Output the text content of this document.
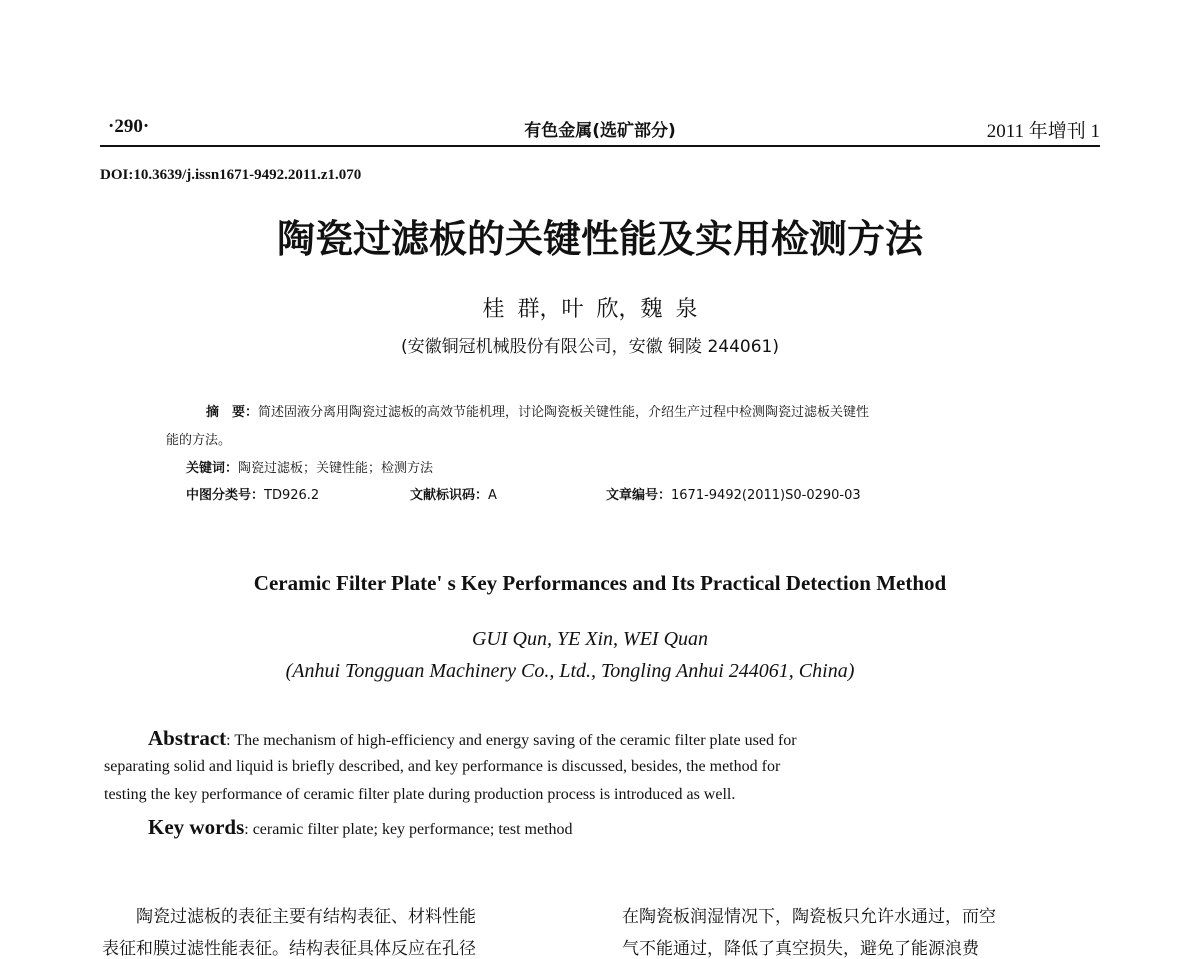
·290·	有色金属(选矿部分)	2011 年增刊 1
DOI:10.3639/j.issn1671-9492.2011.z1.070
陶瓷过滤板的关键性能及实用检测方法
桂 群，叶 欣，魏 泉
(安徽铜冠机械股份有限公司，安徽 铜陵 244061)
摘　要：简述固液分离用陶瓷过滤板的高效节能机理，讨论陶瓷板关键性能，介绍生产过程中检测陶瓷过滤板关键性
能的方法。
关键词：陶瓷过滤板；关键性能；检测方法
中图分类号：TD926.2	文献标识码：A	文章编号：1671-9492(2011)S0-0290-03
Ceramic Filter Plate' s Key Performances and Its Practical Detection Method
GUI Qun, YE Xin, WEI Quan
(Anhui Tongguan Machinery Co., Ltd., Tongling Anhui 244061, China)
Abstract: The mechanism of high-efficiency and energy saving of the ceramic filter plate used for
separating solid and liquid is briefly described, and key performance is discussed, besides, the method for
testing the key performance of ceramic filter plate during production process is introduced as well.
Key words: ceramic filter plate; key performance; test method
陶瓷过滤板的表征主要有结构表征、材料性能
表征和膜过滤性能表征。结构表征具体反应在孔径
在陶瓷板润湿情况下，陶瓷板只允许水通过，而空
气不能通过，降低了真空损失，避免了能源浪费
